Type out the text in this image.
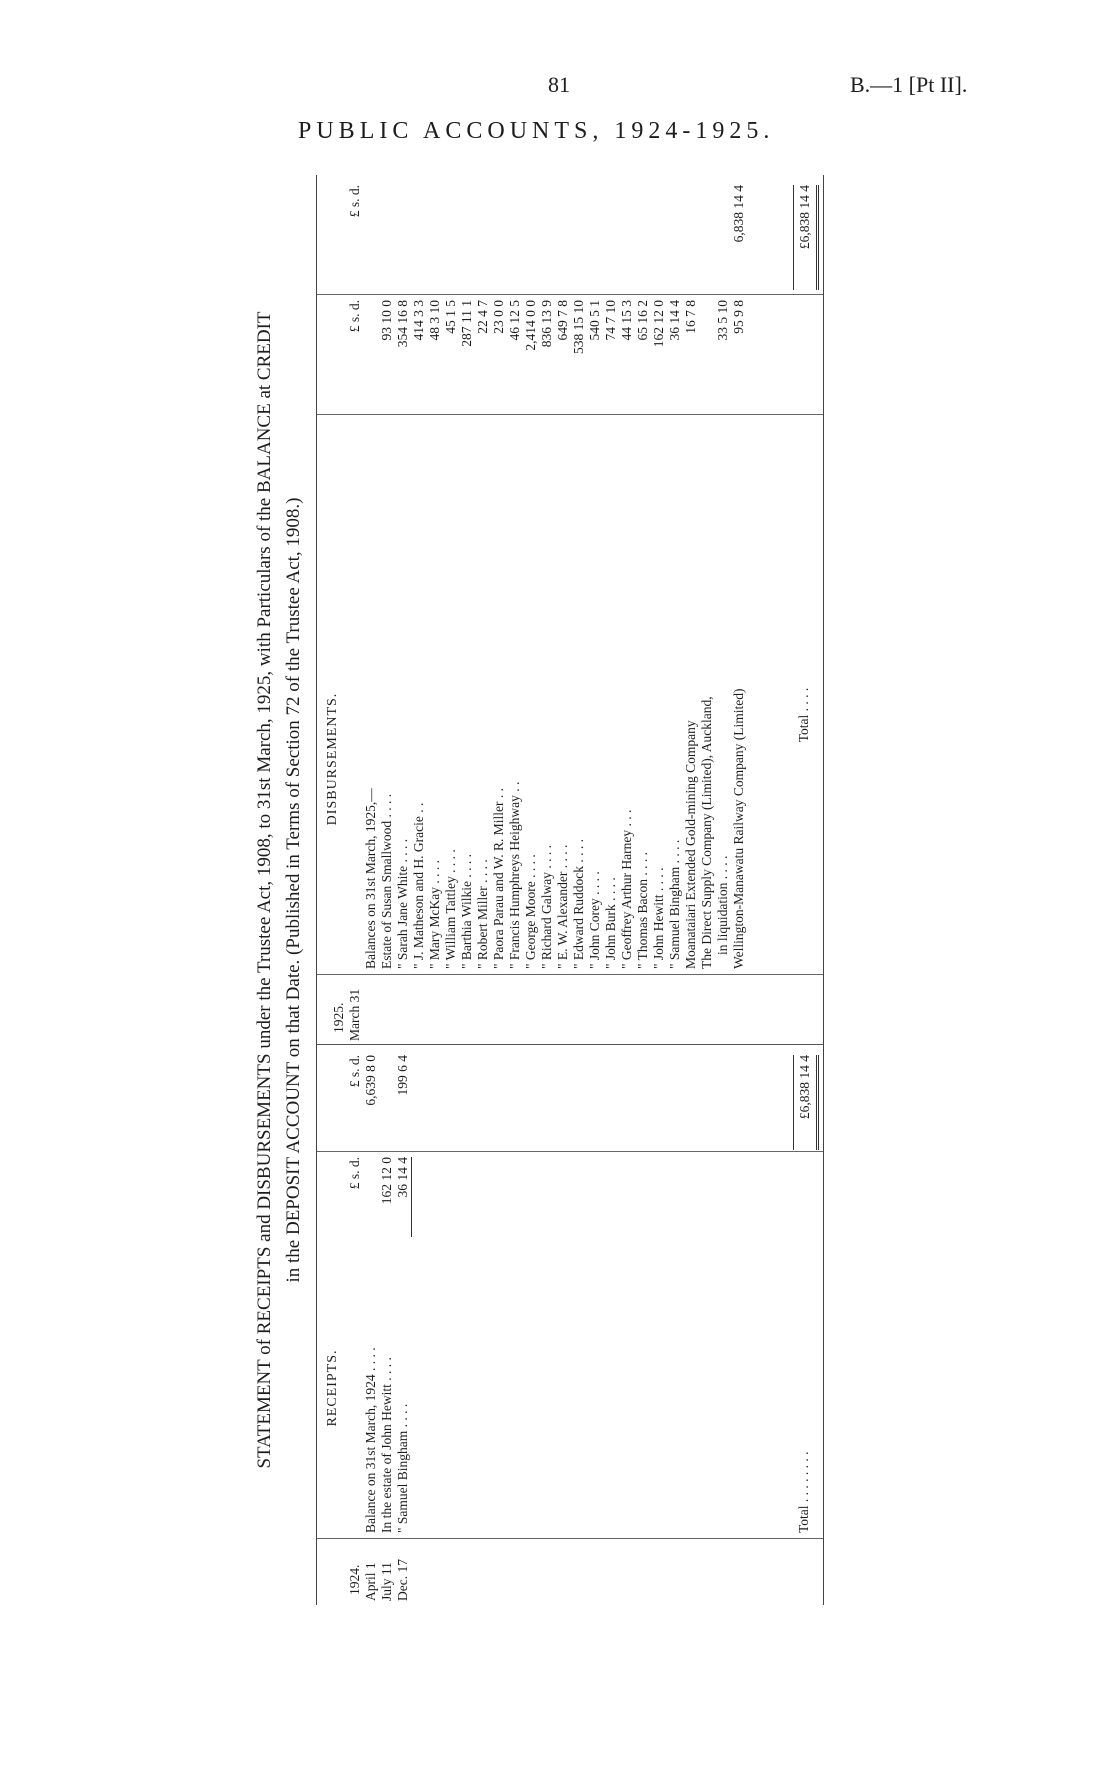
81	B.—1 [Pt II].
PUBLIC ACCOUNTS, 1924-1925.
STATEMENT of RECEIPTS and DISBURSEMENTS under the Trustee Act, 1908, to 31st March, 1925, with Particulars of the BALANCE at CREDIT in the DEPOSIT ACCOUNT on that Date. (Published in Terms of Section 72 of the Trustee Act, 1908.)
RECEIPTS.
1924.
£ s. d.
£ s. d.
April 1
Balance on 31st March, 1924 . . . .
6,639 8 0
July 11
In the estate of John Hewitt . . . .
162 12 0
Dec. 17
" Samuel Bingham . . . .
36 14 4
199 6 4
Total . . . . . . . .
£6,838 14 4
DISBURSEMENTS.
1925. March 31
£ s. d.
£ s. d.
Balances on 31st March, 1925,— Estate of Susan Smallwood . . . .
93 10 0
" Sarah Jane White . . . .
354 16 8
" J. Matheson and H. Gracie . .
414 3 3
" Mary McKay . . . .
48 3 10
" William Tattley . . . .
45 1 5
" Barthia Wilkie . . . .
287 11 1
" Robert Miller . . . .
22 4 7
" Paora Parau and W. R. Miller . .
23 0 0
" Francis Humphreys Heighway . .
46 12 5
" George Moore . . . .
2,414 0 0
" Richard Galway . . . .
836 13 9
" E. W. Alexander . . . .
649 7 8
" Edward Ruddock . . . .
538 15 10
" John Corey . . . .
540 5 1
" John Burk . . . .
74 7 10
" Geoffrey Arthur Harney . . .
44 15 3
" Thomas Bacon . . . .
65 16 2
" John Hewitt . . . .
162 12 0
" Samuel Bingham . . . .
36 14 4
Moanataiari Extended Gold-mining Company
16 7 8
The Direct Supply Company (Limited), Auckland, in liquidation . . . .
33 5 10
Wellington-Manawatu Railway Company (Limited)
95 9 8
6,838 14 4
Total . . . .
£6,838 14 4
